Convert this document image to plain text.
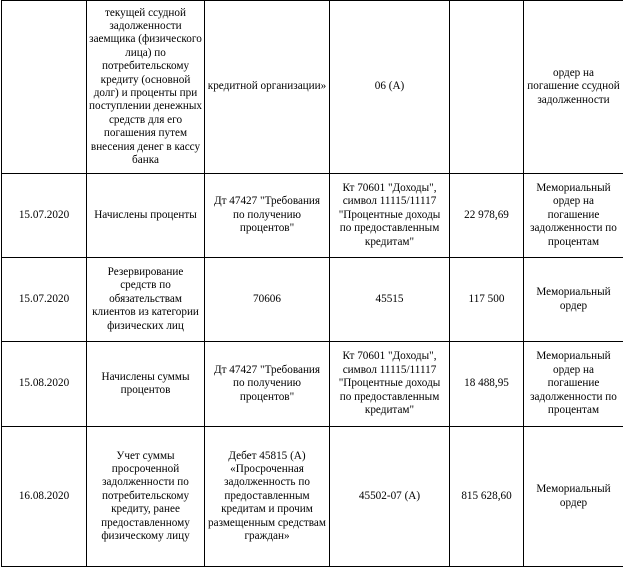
	текущей ссудной задолженности заемщика (физического лица) по потребительскому кредиту (основной долг) и проценты при поступлении денежных средств для его погашения путем внесения денег в кассу банка	кредитной организации»	06 (А)		ордер на погашение ссудной задолженности
15.07.2020	Начислены проценты	Дт 47427 "Требования по получению процентов"	Кт 70601 "Доходы", символ 11115/11117 "Процентные доходы по предоставленным кредитам"	22 978,69	Мемориальный ордер на погашение задолженности по процентам
15.07.2020	Резервирование средств по обязательствам клиентов из категории физических лиц	70606	45515	117 500	Мемориальный ордер
15.08.2020	Начислены суммы процентов	Дт 47427 "Требования по получению процентов"	Кт 70601 "Доходы", символ 11115/11117 "Процентные доходы по предоставленным кредитам"	18 488,95	Мемориальный ордер на погашение задолженности по процентам
16.08.2020	Учет суммы просроченной задолженности по потребительскому кредиту, ранее предоставленному физическому лицу	Дебет 45815 (А) «Просроченная задолженность по предоставленным кредитам и прочим размещенным средствам граждан»	45502-07 (А)	815 628,60	Мемориальный ордер
